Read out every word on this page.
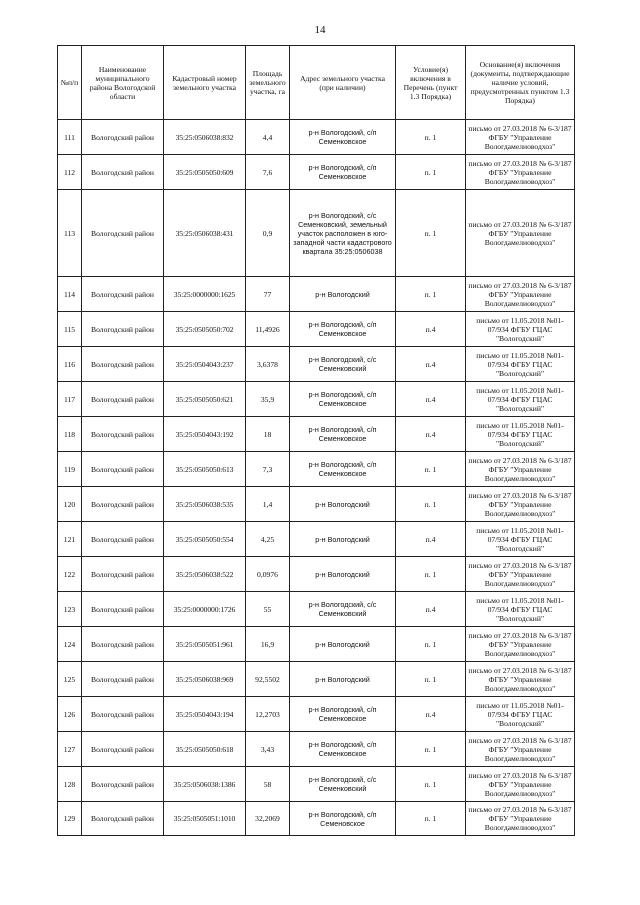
14
№п/п	Наименование муниципального района Вологодской области	Кадастровый номер земельного участка	Площадь земельного участка, га	Адрес земельного участка (при наличии)	Условие(я) включения в Перечень (пункт 1.3 Порядка)	Основание(я) включения (документы, подтверждающие наличие условий, предусмотренных пунктом 1.3 Порядка)
111	Вологодский район	35:25:0506038:832	4,4	р-н Вологодский, с/п Семенковское	п. 1	письмо от 27.03.2018 № 6-3/187 ФГБУ "Управление Вологдамелиоводхоз"
112	Вологодский район	35:25:0505050:609	7,6	р-н Вологодский, с/п Семенковское	п. 1	письмо от 27.03.2018 № 6-3/187 ФГБУ "Управление Вологдамелиоводхоз"
113	Вологодский район	35:25:0506038:431	0,9	р-н Вологодский, с/с Семенковский, земельный участок расположен в юго-западной части кадастрового квартала 35:25:0506038	п. 1	письмо от 27.03.2018 № 6-3/187 ФГБУ "Управление Вологдамелиоводхоз"
114	Вологодский район	35:25:0000000:1625	77	р-н Вологодский	п. 1	письмо от 27.03.2018 № 6-3/187 ФГБУ "Управление Вологдамелиоводхоз"
115	Вологодский район	35:25:0505050:702	11,4926	р-н Вологодский, с/п Семенковское	п.4	письмо от 11.05.2018 №01-07/934 ФГБУ ГЦАС "Вологодский"
116	Вологодский район	35:25:0504043:237	3,6378	р-н Вологодский, с/с Семенковский	п.4	письмо от 11.05.2018 №01-07/934 ФГБУ ГЦАС "Вологодский"
117	Вологодский район	35:25:0505050:621	35,9	р-н Вологодский, с/п Семенковское	п.4	письмо от 11.05.2018 №01-07/934 ФГБУ ГЦАС "Вологодский"
118	Вологодский район	35:25:0504043:192	18	р-н Вологодский, с/п Семенковское	п.4	письмо от 11.05.2018 №01-07/934 ФГБУ ГЦАС "Вологодский"
119	Вологодский район	35:25:0505050:613	7,3	р-н Вологодский, с/п Семенковское	п. 1	письмо от 27.03.2018 № 6-3/187 ФГБУ "Управление Вологдамелиоводхоз"
120	Вологодский район	35:25:0506038:535	1,4	р-н Вологодский	п. 1	письмо от 27.03.2018 № 6-3/187 ФГБУ "Управление Вологдамелиоводхоз"
121	Вологодский район	35:25:0505050:554	4,25	р-н Вологодский	п.4	письмо от 11.05.2018 №01-07/934 ФГБУ ГЦАС "Вологодский"
122	Вологодский район	35:25:0506038:522	0,0976	р-н Вологодский	п. 1	письмо от 27.03.2018 № 6-3/187 ФГБУ "Управление Вологдамелиоводхоз"
123	Вологодский район	35:25:0000000:1726	55	р-н Вологодский, с/с Семенковский	п.4	письмо от 11.05.2018 №01-07/934 ФГБУ ГЦАС "Вологодский"
124	Вологодский район	35:25:0505051:961	16,9	р-н Вологодский	п. 1	письмо от 27.03.2018 № 6-3/187 ФГБУ "Управление Вологдамелиоводхоз"
125	Вологодский район	35:25:0506038:969	92,5502	р-н Вологодский	п. 1	письмо от 27.03.2018 № 6-3/187 ФГБУ "Управление Вологдамелиоводхоз"
126	Вологодский район	35:25:0504043:194	12,2703	р-н Вологодский, с/п Семенковское	п.4	письмо от 11.05.2018 №01-07/934 ФГБУ ГЦАС "Вологодский"
127	Вологодский район	35:25:0505050:618	3,43	р-н Вологодский, с/п Семенковское	п. 1	письмо от 27.03.2018 № 6-3/187 ФГБУ "Управление Вологдамелиоводхоз"
128	Вологодский район	35:25:0506038:1386	58	р-н Вологодский, с/с Семенковский	п. 1	письмо от 27.03.2018 № 6-3/187 ФГБУ "Управление Вологдамелиоводхоз"
129	Вологодский район	35:25:0505051:1010	32,2069	р-н Вологодский, с/п Семеновское	п. 1	письмо от 27.03.2018 № 6-3/187 ФГБУ "Управление Вологдамелиоводхоз"
